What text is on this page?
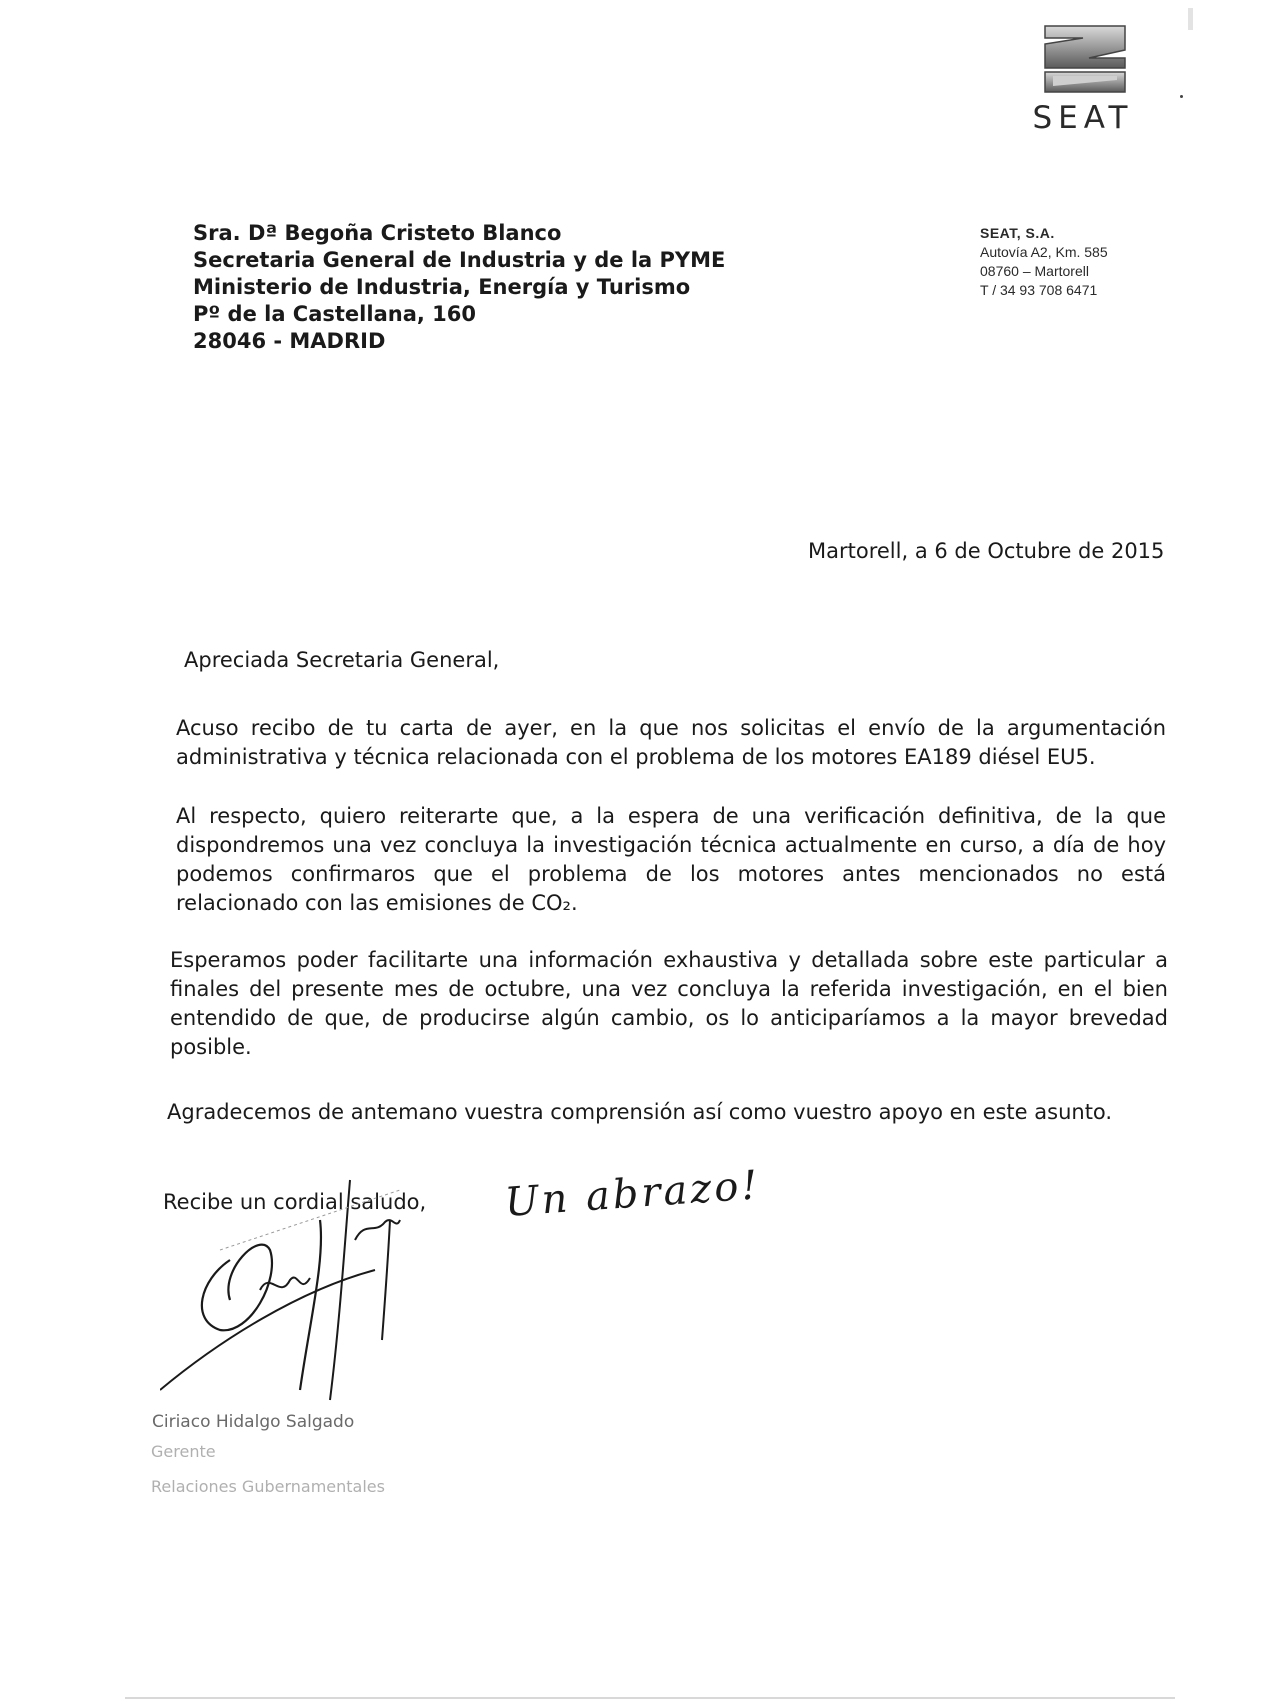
SEAT
Sra. Dª Begoña Cristeto Blanco
Secretaria General de Industria y de la PYME
Ministerio de Industria, Energía y Turismo
Pº de la Castellana, 160
28046 - MADRID
SEAT, S.A.
Autovía A2, Km. 585
08760 – Martorell
T / 34 93 708 6471
Martorell, a 6 de Octubre de 2015
Apreciada Secretaria General,
Acuso recibo de tu carta de ayer, en la que nos solicitas el envío de la argumentación
administrativa y técnica relacionada con el problema de los motores EA189 diésel EU5.
Al respecto, quiero reiterarte que, a la espera de una verificación definitiva, de la que
dispondremos una vez concluya la investigación técnica actualmente en curso, a día de hoy
podemos confirmaros que el problema de los motores antes mencionados no está
relacionado con las emisiones de CO₂.
Esperamos poder facilitarte una información exhaustiva y detallada sobre este particular a
finales del presente mes de octubre, una vez concluya la referida investigación, en el bien
entendido de que, de producirse algún cambio, os lo anticiparíamos a la mayor brevedad
posible.
Agradecemos de antemano vuestra comprensión así como vuestro apoyo en este asunto.
Recibe un cordial saludo, Un abrazo!
Ciriaco Hidalgo Salgado
Gerente
Relaciones Gubernamentales
